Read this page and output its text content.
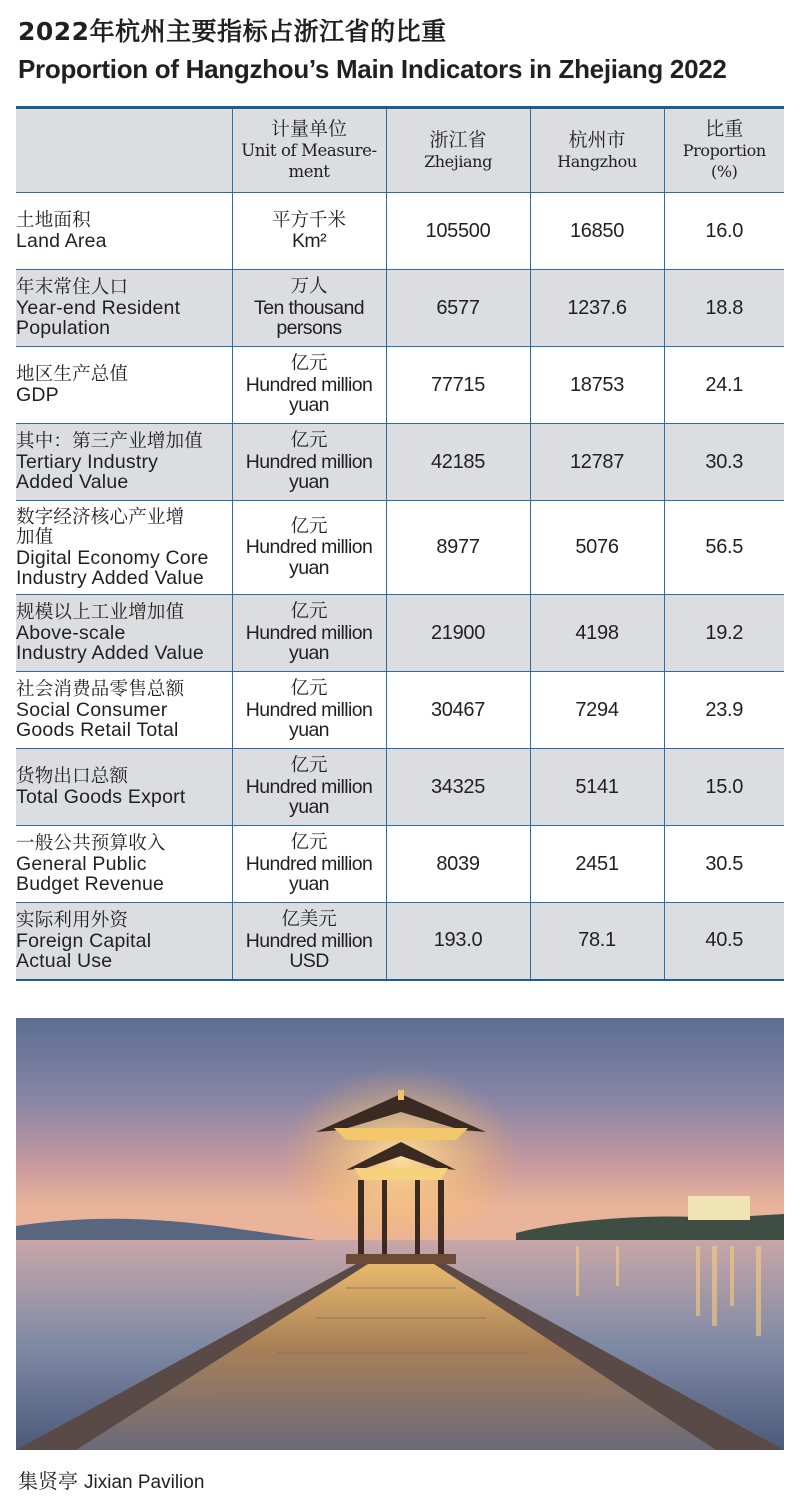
2022年杭州主要指标占浙江省的比重
Proportion of Hangzhou’s Main Indicators in Zhejiang 2022

	计量单位
Unit of Measure-
ment	浙江省
Zhejiang	杭州市
Hangzhou	比重
Proportion
(%)

土地面积
Land Area	平方千米
Km²	105500	16850	16.0

年末常住人口
Year-end Resident
Population	万人
Ten thousand
persons	6577	1237.6	18.8

地区生产总值
GDP	亿元
Hundred million
yuan	77715	18753	24.1

其中：第三产业增加值
Tertiary Industry
Added Value	亿元
Hundred million
yuan	42185	12787	30.3

数字经济核心产业增
加值
Digital Economy Core
Industry Added Value	亿元
Hundred million
yuan	8977	5076	56.5

规模以上工业增加值
Above-scale
Industry Added Value	亿元
Hundred million
yuan	21900	4198	19.2

社会消费品零售总额
Social Consumer
Goods Retail Total	亿元
Hundred million
yuan	30467	7294	23.9

货物出口总额
Total Goods Export	亿元
Hundred million
yuan	34325	5141	15.0

一般公共预算收入
General Public
Budget Revenue	亿元
Hundred million
yuan	8039	2451	30.5

实际利用外资
Foreign Capital
Actual Use	亿美元
Hundred million
USD	193.0	78.1	40.5
集贤亭 Jixian Pavilion
